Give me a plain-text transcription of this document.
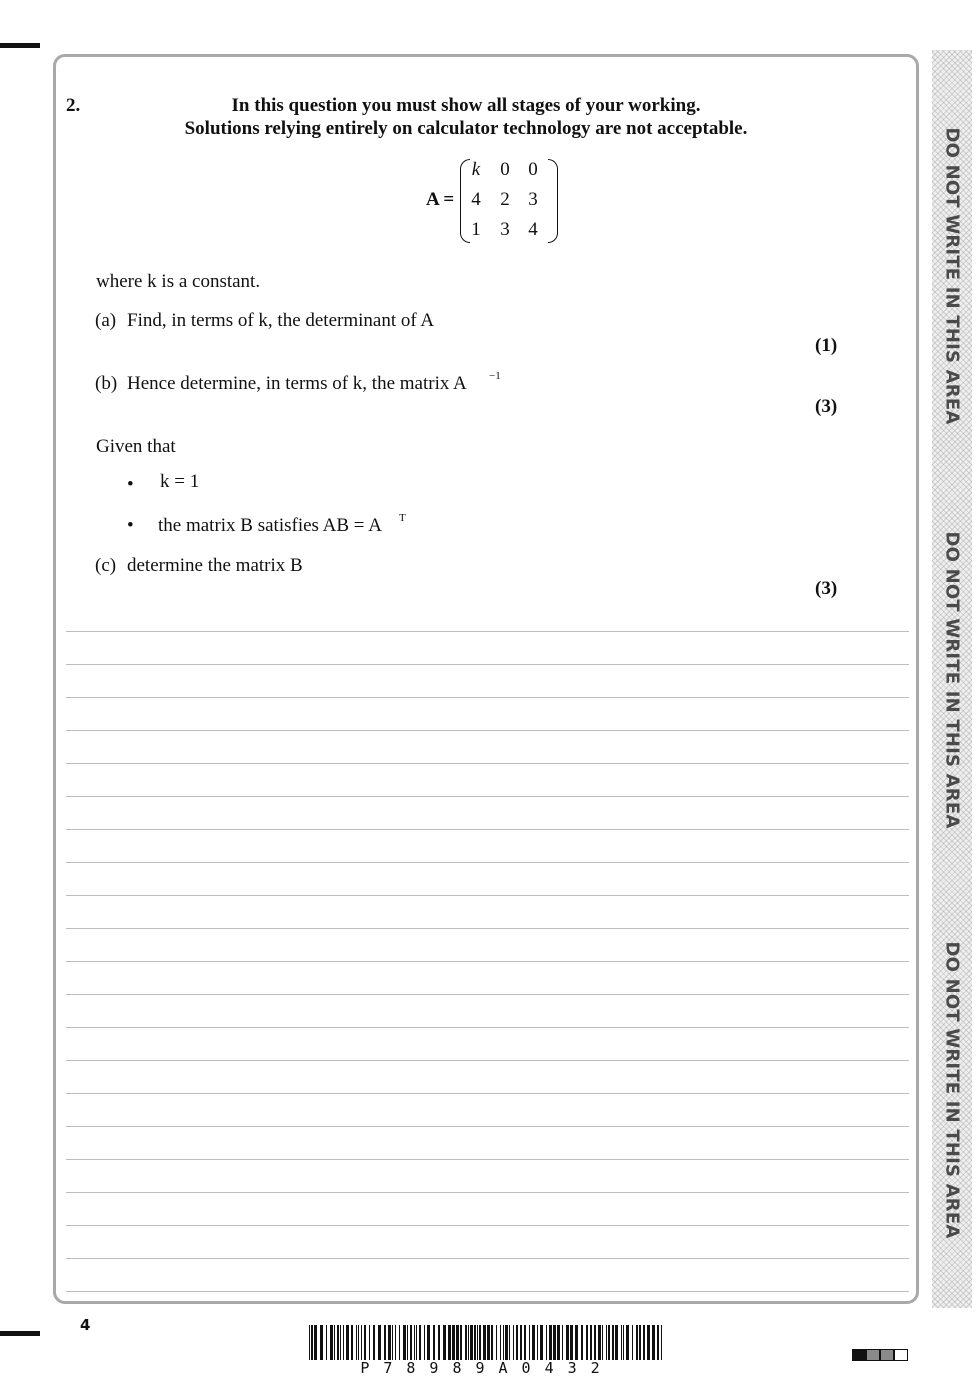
DO NOT WRITE IN THIS AREA
DO NOT WRITE IN THIS AREA
DO NOT WRITE IN THIS AREA
2.	In this question you must show all stages of your working.
Solutions relying entirely on calculator technology are not acceptable.
A =
k	0 0
4	2 3
1	3 4
where k is a constant.
(a) Find, in terms of k, the determinant of A
(1)
(b) Hence determine, in terms of k, the matrix A −1
(3)
Given that
• k = 1
• the matrix B satisfies AB = A T
(c) determine the matrix B
(3)
4
P78989A0432
